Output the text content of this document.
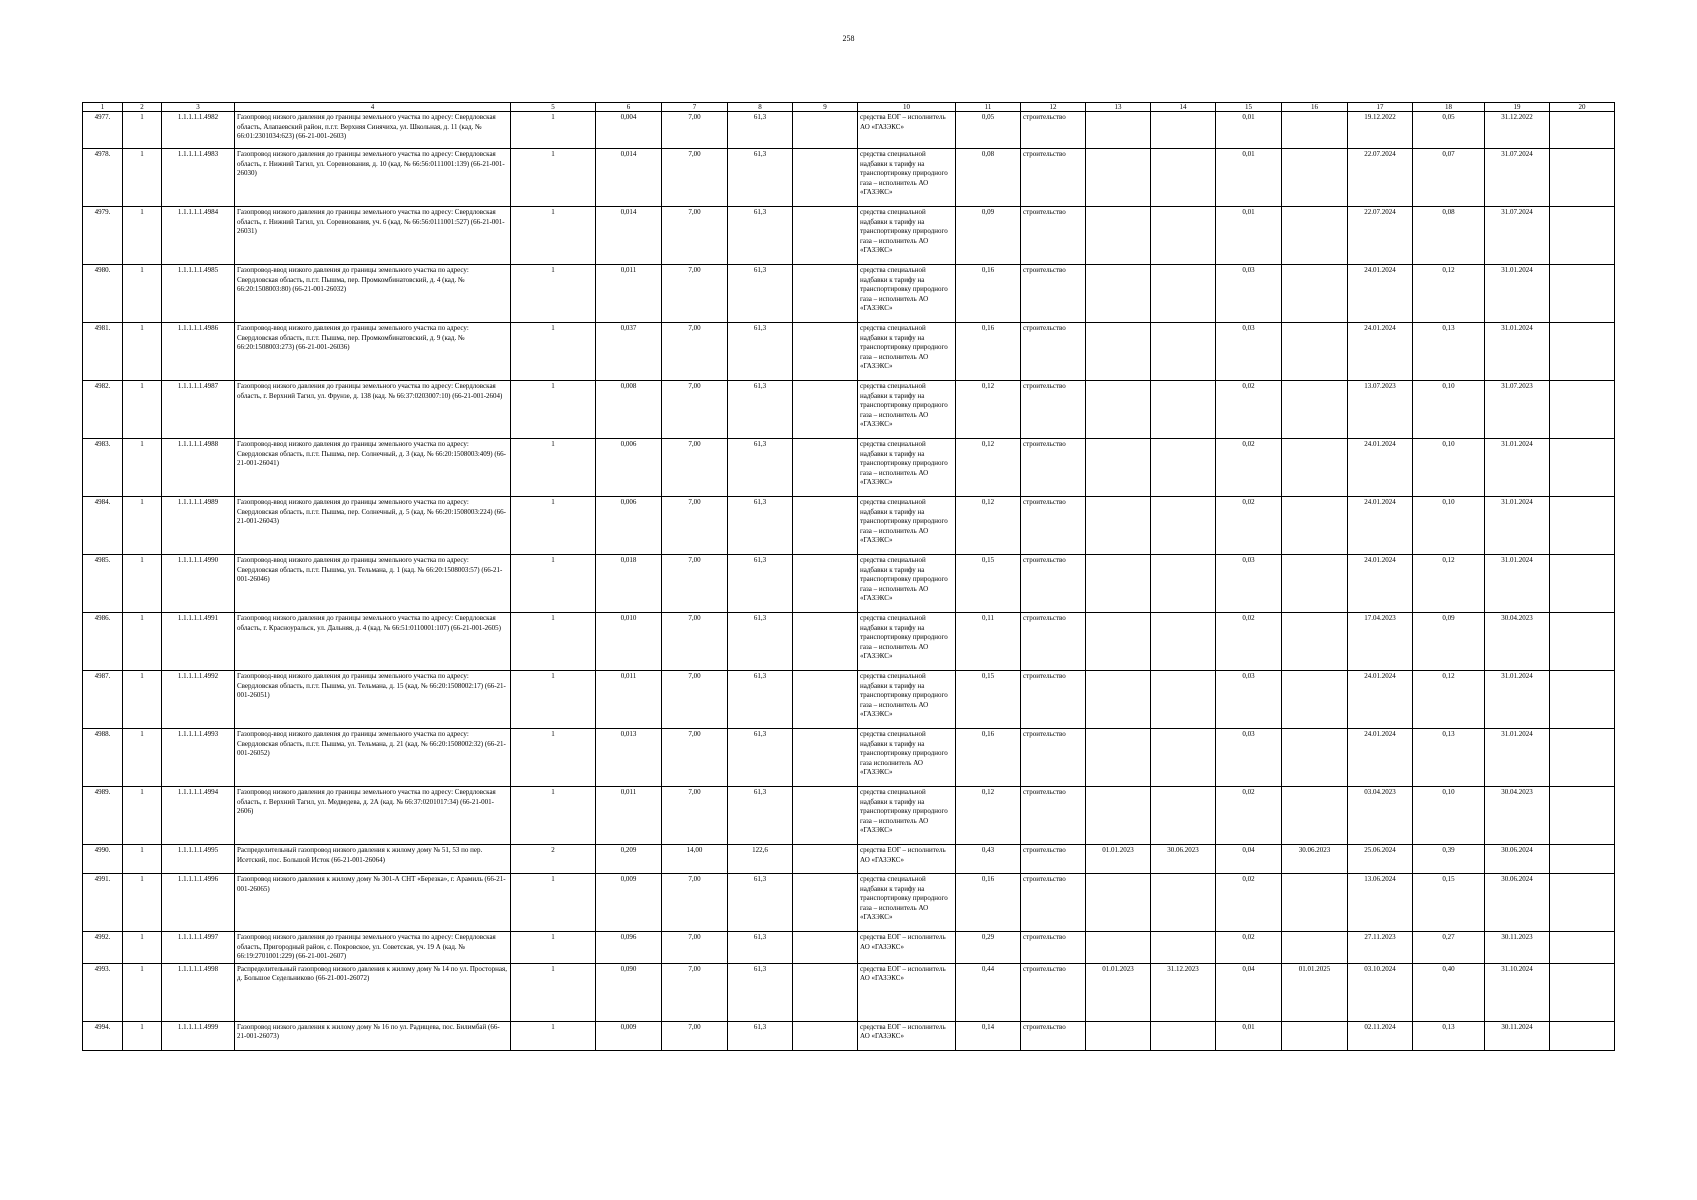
258
1	2	3	4	5	6	7	8	9	10	11	12	13	14	15	16	17	18	19	20
4977.	1	1.1.1.1.1.4982	Газопровод низкого давления до границы земельного участка по адресу: Свердловская область, Алапаевский район, п.г.т. Верхняя Синячиха, ул. Школьная, д. 11 (кад. № 66:01:2301034:623) (66-21-001-2603)	1	0,004	7,00	61,3		средства ЕОГ – исполнитель АО «ГАЗЭКС»	0,05	строительство			0,01		19.12.2022	0,05	31.12.2022	
4978.	1	1.1.1.1.1.4983	Газопровод низкого давления до границы земельного участка по адресу: Свердловская область, г. Нижний Тагил, ул. Соревнования, д. 10 (кад. № 66:56:0111001:139) (66-21-001-26030)	1	0,014	7,00	61,3		средства специальной надбавки к тарифу на транспортировку природного газа – исполнитель АО «ГАЗЭКС»	0,08	строительство			0,01		22.07.2024	0,07	31.07.2024	
4979.	1	1.1.1.1.1.4984	Газопровод низкого давления до границы земельного участка по адресу: Свердловская область, г. Нижний Тагил, ул. Соревнования, уч. 6 (кад. № 66:56:0111001:527) (66-21-001-26031)	1	0,014	7,00	61,3		средства специальной надбавки к тарифу на транспортировку природного газа – исполнитель АО «ГАЗЭКС»	0,09	строительство			0,01		22.07.2024	0,08	31.07.2024	
4980.	1	1.1.1.1.1.4985	Газопровод-ввод низкого давления до границы земельного участка по адресу: Свердловская область, п.г.т. Пышма, пер. Промкомбинатовский, д. 4 (кад. № 66:20:1508003:80) (66-21-001-26032)	1	0,011	7,00	61,3		средства специальной надбавки к тарифу на транспортировку природного газа – исполнитель АО «ГАЗЭКС»	0,16	строительство			0,03		24.01.2024	0,12	31.01.2024	
4981.	1	1.1.1.1.1.4986	Газопровод-ввод низкого давления до границы земельного участка по адресу: Свердловская область, п.г.т. Пышма, пер. Промкомбинатовский, д. 9 (кад. № 66:20:1508003:273) (66-21-001-26036)	1	0,037	7,00	61,3		средства специальной надбавки к тарифу на транспортировку природного газа – исполнитель АО «ГАЗЭКС»	0,16	строительство			0,03		24.01.2024	0,13	31.01.2024	
4982.	1	1.1.1.1.1.4987	Газопровод низкого давления до границы земельного участка по адресу: Свердловская область, г. Верхний Тагил, ул. Фрунзе, д. 138 (кад. № 66:37:0203007:10) (66-21-001-2604)	1	0,008	7,00	61,3		средства специальной надбавки к тарифу на транспортировку природного газа – исполнитель АО «ГАЗЭКС»	0,12	строительство			0,02		13.07.2023	0,10	31.07.2023	
4983.	1	1.1.1.1.1.4988	Газопровод-ввод низкого давления до границы земельного участка по адресу: Свердловская область, п.г.т. Пышма, пер. Солнечный, д. 3 (кад. № 66:20:1508003:409) (66-21-001-26041)	1	0,006	7,00	61,3		средства специальной надбавки к тарифу на транспортировку природного газа – исполнитель АО «ГАЗЭКС»	0,12	строительство			0,02		24.01.2024	0,10	31.01.2024	
4984.	1	1.1.1.1.1.4989	Газопровод-ввод низкого давления до границы земельного участка по адресу: Свердловская область, п.г.т. Пышма, пер. Солнечный, д. 5 (кад. № 66:20:1508003:224) (66-21-001-26043)	1	0,006	7,00	61,3		средства специальной надбавки к тарифу на транспортировку природного газа – исполнитель АО «ГАЗЭКС»	0,12	строительство			0,02		24.01.2024	0,10	31.01.2024	
4985.	1	1.1.1.1.1.4990	Газопровод-ввод низкого давления до границы земельного участка по адресу: Свердловская область, п.г.т. Пышма, ул. Тельмана, д. 1 (кад. № 66:20:1508003:57) (66-21-001-26046)	1	0,018	7,00	61,3		средства специальной надбавки к тарифу на транспортировку природного газа – исполнитель АО «ГАЗЭКС»	0,15	строительство			0,03		24.01.2024	0,12	31.01.2024	
4986.	1	1.1.1.1.1.4991	Газопровод низкого давления до границы земельного участка по адресу: Свердловская область, г. Красноуральск, ул. Дальняя, д. 4 (кад. № 66:51:0110001:107) (66-21-001-2605)	1	0,010	7,00	61,3		средства специальной надбавки к тарифу на транспортировку природного газа – исполнитель АО «ГАЗЭКС»	0,11	строительство			0,02		17.04.2023	0,09	30.04.2023	
4987.	1	1.1.1.1.1.4992	Газопровод-ввод низкого давления до границы земельного участка по адресу: Свердловская область, п.г.т. Пышма, ул. Тельмана, д. 15 (кад. № 66:20:1508002:17) (66-21-001-26051)	1	0,011	7,00	61,3		средства специальной надбавки к тарифу на транспортировку природного газа – исполнитель АО «ГАЗЭКС»	0,15	строительство			0,03		24.01.2024	0,12	31.01.2024	
4988.	1	1.1.1.1.1.4993	Газопровод-ввод низкого давления до границы земельного участка по адресу: Свердловская область, п.г.т. Пышма, ул. Тельмана, д. 21 (кад. № 66:20:1508002:32) (66-21-001-26052)	1	0,013	7,00	61,3		средства специальной надбавки к тарифу на транспортировку природного газа исполнитель АО «ГАЗЭКС»	0,16	строительство			0,03		24.01.2024	0,13	31.01.2024	
4989.	1	1.1.1.1.1.4994	Газопровод низкого давления до границы земельного участка по адресу: Свердловская область, г. Верхний Тагил, ул. Медведева, д. 2А (кад. № 66:37:0201017:34) (66-21-001-2606)	1	0,011	7,00	61,3		средства специальной надбавки к тарифу на транспортировку природного газа – исполнитель АО «ГАЗЭКС»	0,12	строительство			0,02		03.04.2023	0,10	30.04.2023	
4990.	1	1.1.1.1.1.4995	Распределительный газопровод низкого давления к жилому дому № 51, 53 по пер. Исетский, пос. Большой Исток (66-21-001-26064)	2	0,209	14,00	122,6		средства ЕОГ – исполнитель АО «ГАЗЭКС»	0,43	строительство	01.01.2023	30.06.2023	0,04	30.06.2023	25.06.2024	0,39	30.06.2024	
4991.	1	1.1.1.1.1.4996	Газопровод низкого давления к жилому дому № 301-А СНТ «Березка», г. Арамиль (66-21-001-26065)	1	0,009	7,00	61,3		средства специальной надбавки к тарифу на транспортировку природного газа – исполнитель АО «ГАЗЭКС»	0,16	строительство			0,02		13.06.2024	0,15	30.06.2024	
4992.	1	1.1.1.1.1.4997	Газопровод низкого давления до границы земельного участка по адресу: Свердловская область, Пригородный район, с. Покровское, ул. Советская, уч. 19 А (кад. № 66:19:2701001:229) (66-21-001-2607)	1	0,096	7,00	61,3		средства ЕОГ – исполнитель АО «ГАЗЭКС»	0,29	строительство			0,02		27.11.2023	0,27	30.11.2023	
4993.	1	1.1.1.1.1.4998	Распределительный газопровод низкого давления к жилому дому № 14 по ул. Просторная, д. Большое Седельниково (66-21-001-26072)	1	0,090	7,00	61,3		средства ЕОГ – исполнитель АО «ГАЗЭКС»	0,44	строительство	01.01.2023	31.12.2023	0,04	01.01.2025	03.10.2024	0,40	31.10.2024	
4994.	1	1.1.1.1.1.4999	Газопровод низкого давления к жилому дому № 16 по ул. Радищева, пос. Билимбай (66-21-001-26073)	1	0,009	7,00	61,3		средства ЕОГ – исполнитель АО «ГАЗЭКС»	0,14	строительство			0,01		02.11.2024	0,13	30.11.2024	
